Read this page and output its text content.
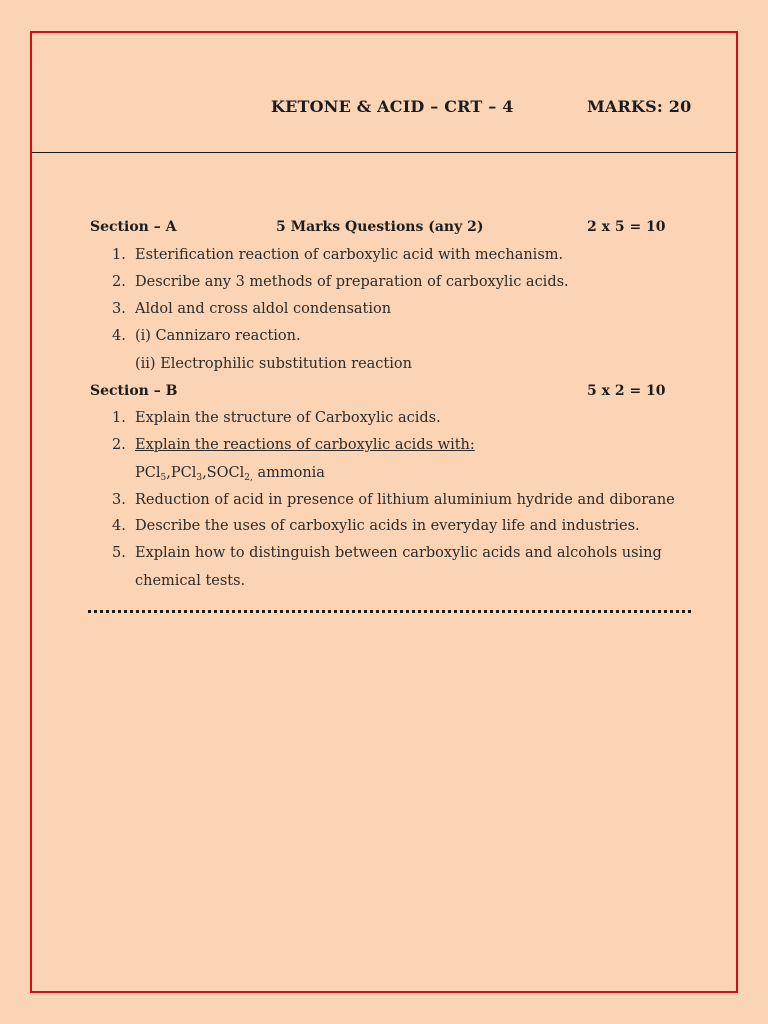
KETONE & ACID – CRT – 4	MARKS: 20
Section – A	5 Marks Questions (any 2)	2 x 5 = 10
1. Esterification reaction of carboxylic acid with mechanism.
2. Describe any 3 methods of preparation of carboxylic acids.
3. Aldol and cross aldol condensation
4. (i) Cannizaro reaction.
(ii) Electrophilic substitution reaction
Section – B	5 x 2 = 10
1. Explain the structure of Carboxylic acids.
2. Explain the reactions of carboxylic acids with:
PCl$_5$,PCl$_3$,SOCl$_{2,}$ ammonia
3. Reduction of acid in presence of lithium aluminium hydride and diborane
4. Describe the uses of carboxylic acids in everyday life and industries.
5. Explain how to distinguish between carboxylic acids and alcohols using
chemical tests.
